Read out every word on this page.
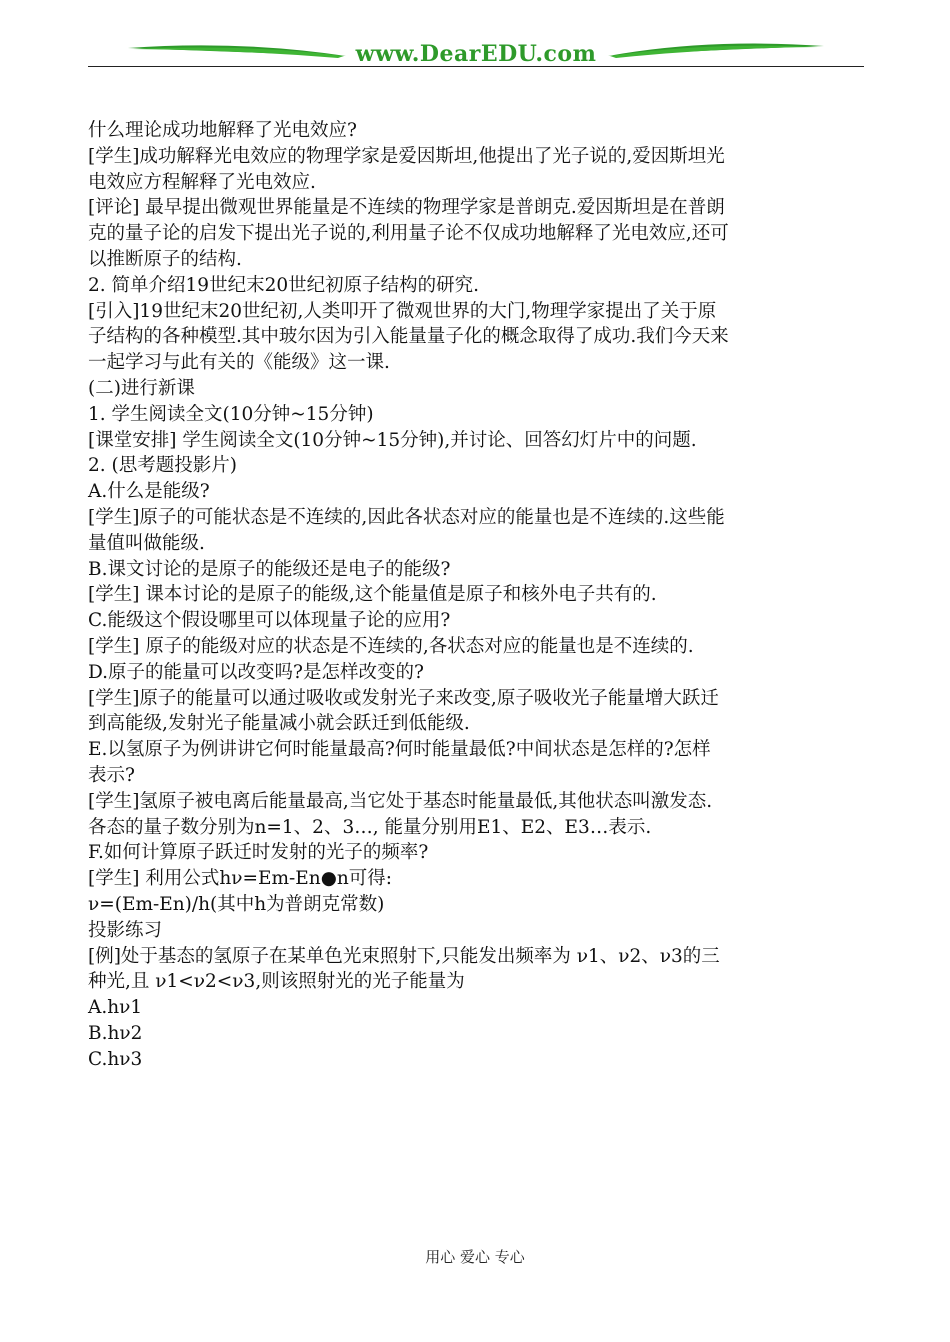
www.DearEDU.com
什么理论成功地解释了光电效应?
[学生]成功解释光电效应的物理学家是爱因斯坦,他提出了光子说的,爱因斯坦光
电效应方程解释了光电效应.
[评论] 最早提出微观世界能量是不连续的物理学家是普朗克.爱因斯坦是在普朗
克的量子论的启发下提出光子说的,利用量子论不仅成功地解释了光电效应,还可
以推断原子的结构.
2. 简单介绍19世纪末20世纪初原子结构的研究.
[引入]19世纪末20世纪初,人类叩开了微观世界的大门,物理学家提出了关于原
子结构的各种模型.其中玻尔因为引入能量量子化的概念取得了成功.我们今天来
一起学习与此有关的《能级》这一课.
(二)进行新课
1. 学生阅读全文(10分钟~15分钟)
[课堂安排] 学生阅读全文(10分钟~15分钟),并讨论、回答幻灯片中的问题.
2. (思考题投影片)
A.什么是能级?
[学生]原子的可能状态是不连续的,因此各状态对应的能量也是不连续的.这些能
量值叫做能级.
B.课文讨论的是原子的能级还是电子的能级?
[学生] 课本讨论的是原子的能级,这个能量值是原子和核外电子共有的.
C.能级这个假设哪里可以体现量子论的应用?
[学生] 原子的能级对应的状态是不连续的,各状态对应的能量也是不连续的.
D.原子的能量可以改变吗?是怎样改变的?
[学生]原子的能量可以通过吸收或发射光子来改变,原子吸收光子能量增大跃迁
到高能级,发射光子能量减小就会跃迁到低能级.
E.以氢原子为例讲讲它何时能量最高?何时能量最低?中间状态是怎样的?怎样
表示?
[学生]氢原子被电离后能量最高,当它处于基态时能量最低,其他状态叫激发态.
各态的量子数分别为n=1、2、3…, 能量分别用E1、E2、E3…表示.
F.如何计算原子跃迁时发射的光子的频率?
[学生] 利用公式hν=Em-En●n可得:
ν=(Em-En)/h(其中h为普朗克常数)
投影练习
[例]处于基态的氢原子在某单色光束照射下,只能发出频率为 ν1、ν2、ν3的三
种光,且 ν1<ν2<ν3,则该照射光的光子能量为
A.hν1
B.hν2
C.hν3
用心 爱心 专心
